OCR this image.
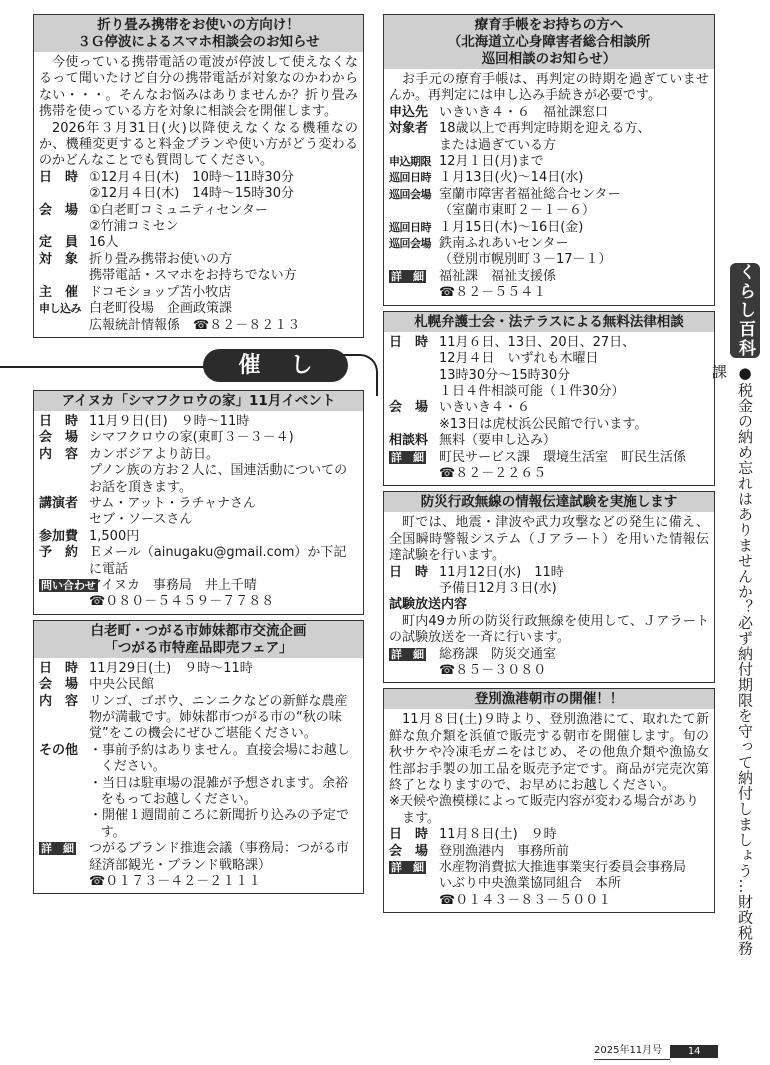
折り畳み携帯をお使いの方向け！
３Ｇ停波によるスマホ相談会のお知らせ

今使っている携帯電話の電波が停波して使えなくなるって聞いたけど自分の携帯電話が対象なのかわからない・・・。そんなお悩みはありませんか？折り畳み携帯を使っている方を対象に相談会を開催します。

2026年３月31日(火)以降使えなくなる機種なのか、機種変更すると料金プランや使い方がどう変わるのかどんなことでも質問してください。

日　時 ①12月４日(木)　10時〜11時30分
②12月４日(木)　14時〜15時30分
会　場 ①白老町コミュニティセンター
②竹浦コミセン
定　員 16人
対　象 折り畳み携帯お使いの方
携帯電話・スマホをお持ちでない方
主　催 ドコモショップ苫小牧店
申し込み 白老町役場　企画政策課
広報統計情報係　☎８２－８２１３
催し
アイヌカ「シマフクロウの家」11月イベント
日　時 11月９日(日)　９時〜11時
会　場 シマフクロウの家(東町３－３－４)
内　容 カンボジアより訪日。
プノン族の方お２人に、国連活動についてのお話を頂きます。
講演者 サム・アット・ラチャナさん
セブ・ソースさん
参加費 1,500円
予　約 Ｅメール（ainugaku@gmail.com）か下記に電話
問い合わせ
アイヌカ　事務局　井上千晴
☎０８０－５４５９－７７８８
白老町・つがる市姉妹都市交流企画
「つがる市特産品即売フェア」
日　時 11月29日(土)　９時〜11時
会　場 中央公民館
内　容 リンゴ、ゴボウ、ニンニクなどの新鮮な農産物が満載です。姉妹都市つがる市の“秋の味覚”をこの機会にぜひご堪能ください。
その他 ・事前予約はありません。直接会場にお越しください。
・当日は駐車場の混雑が予想されます。余裕をもってお越しください。
・開催１週間前ころに新聞折り込みの予定です。
詳　細	つがるブランド推進会議（事務局：つがる市経済部観光・ブランド戦略課）
☎０１７３－４２－２１１１
療育手帳をお持ちの方へ
（北海道立心身障害者総合相談所
巡回相談のお知らせ）

お手元の療育手帳は、再判定の時期を過ぎていませんか。再判定には申し込み手続きが必要です。

申込先 いきいき４・６　福祉課窓口
対象者 18歳以上で再判定時期を迎える方、
または過ぎている方
申込期限 12月１日(月)まで
巡回日時 １月13日(火)〜14日(水)
巡回会場 室蘭市障害者福祉総合センター
（室蘭市東町２－１－６）
巡回日時 １月15日(木)〜16日(金)
巡回会場 鉄南ふれあいセンター
（登別市幌別町３－17－１）
詳　細	福祉課　福祉支援係
☎８２－５５４１
札幌弁護士会・法テラスによる無料法律相談
日　時 11月６日、13日、20日、27日、
12月４日　いずれも木曜日
13時30分〜15時30分
１日４件相談可能（１件30分）
会　場 いきいき４・６
※13日は虎杖浜公民館で行います。
相談料 無料（要申し込み）
詳　細	町民サービス課　環境生活室　町民生活係　☎８２－２２６５
防災行政無線の情報伝達試験を実施します

町では、地震・津波や武力攻撃などの発生に備え、全国瞬時警報システム（Ｊアラート）を用いた情報伝達試験を行います。

日　時 11月12日(水)　11時
予備日12月３日(水)
試験放送内容

町内49カ所の防災行政無線を使用して、Ｊアラートの試験放送を一斉に行います。

詳　細	総務課　防災交通室
☎８５－３０８０
登別漁港朝市の開催！！

11月８日(土)９時より、登別漁港にて、取れたて新鮮な魚介類を浜値で販売する朝市を開催します。旬の秋サケや冷凍毛ガニをはじめ、その他魚介類や漁協女性部お手製の加工品を販売予定です。商品が完売次第終了となりますので、お早めにお越しください。

※天候や漁模様によって販売内容が変わる場合があります。
日　時 11月８日(土)　９時
会　場 登別漁港内　事務所前
詳　細	水産物消費拡大推進事業実行委員会事務局　いぶり中央漁業協同組合　本所
☎０１４３－８３－５００１
くらし百科
●税金の納め忘れはありませんか？必ず納付期限を守って納付しましょう…財政税務課
2025年11月号	14
